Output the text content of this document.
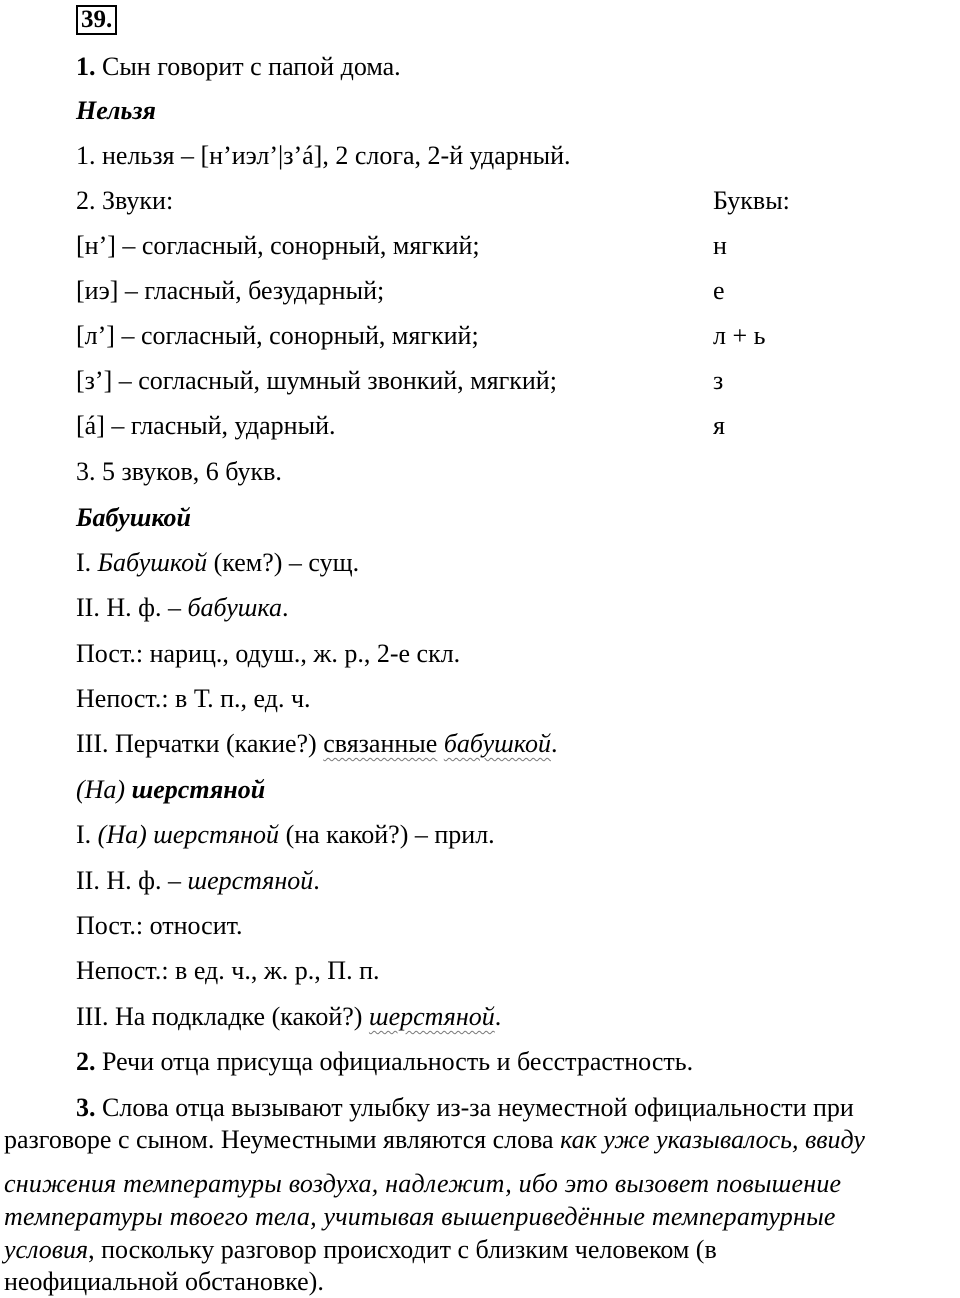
39.
1. Сын говорит с папой дома.
Нельзя
1. нельзя – [н’иэл’|з’á], 2 слога, 2-й ударный.
2. Звуки:	Буквы:
[н’] – согласный, сонорный, мягкий;	н
[иэ] – гласный, безударный;	е
[л’] – согласный, сонорный, мягкий;	л + ь
[з’] – согласный, шумный звонкий, мягкий;	з
[á] – гласный, ударный.	я
3. 5 звуков, 6 букв.
Бабушкой
I. Бабушкой (кем?) – сущ.
II. Н. ф. – бабушка.
Пост.: нариц., одуш., ж. р., 2-е скл.
Непост.: в Т. п., ед. ч.
III. Перчатки (какие?) связанные бабушкой.
(На) шерстяной
I. (На) шерстяной (на какой?) – прил.
II. Н. ф. – шерстяной.
Пост.: относит.
Непост.: в ед. ч., ж. р., П. п.
III. На подкладке (какой?) шерстяной.
2. Речи отца присуща официальность и бесстрастность.
3. Слова отца вызывают улыбку из-за неуместной официальности при
разговоре с сыном. Неуместными являются слова как уже указывалось, ввиду
снижения температуры воздуха, надлежит, ибо это вызовет повышение
температуры твоего тела, учитывая вышеприведённые температурные
условия, поскольку разговор происходит с близким человеком (в
неофициальной обстановке).
